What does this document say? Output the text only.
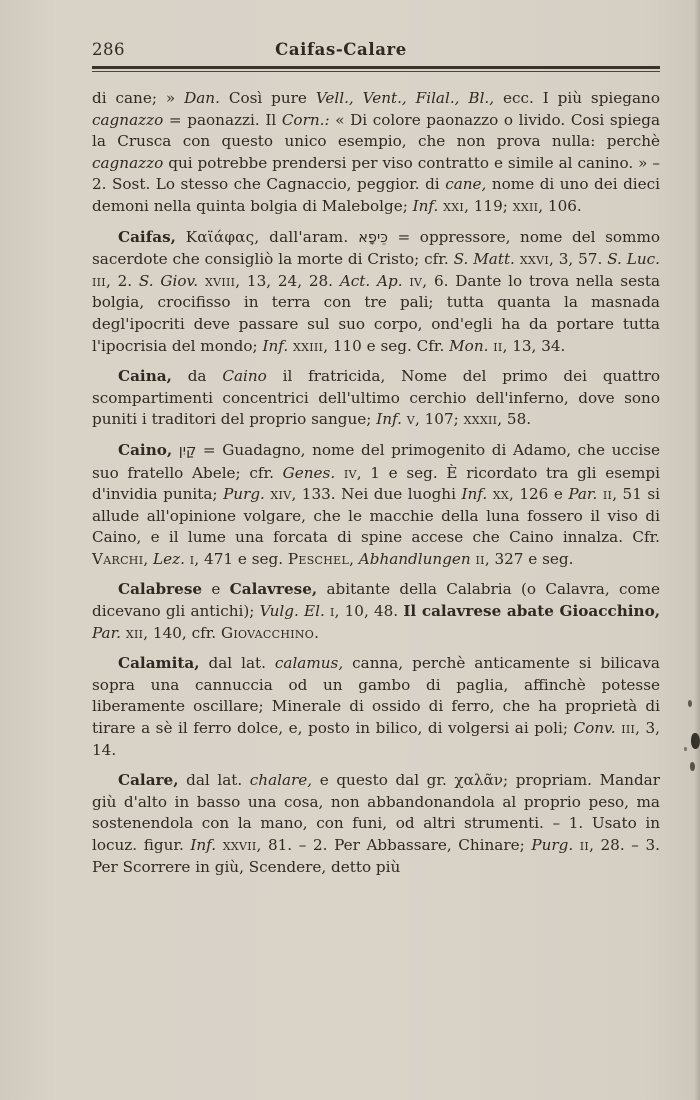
286	Caifas-Calare

di cane; » Dan. Così pure Vell., Vent., Filal., Bl., ecc. I più spiegano cagnazzo = paonazzi. Il Corn.: « Di colore paonazzo o livido. Cosi spiega la Crusca con questo unico esempio, che non prova nulla: perchè cagnazzo qui potrebbe prendersi per viso contratto e simile al canino. » – 2. Sost. Lo stesso che Cagnaccio, peggior. di cane, nome di uno dei dieci demoni nella quinta bolgia di Malebolge; Inf. xxi, 119; xxii, 106.

Caifas, Καϊάφας, dall'aram. כֵּיפָא = oppressore, nome del sommo sacerdote che consigliò la morte di Cristo; cfr. S. Matt. xxvi, 3, 57. S. Luc. iii, 2. S. Giov. xviii, 13, 24, 28. Act. Ap. iv, 6. Dante lo trova nella sesta bolgia, crocifisso in terra con tre pali; tutta quanta la masnada degl'ipocriti deve passare sul suo corpo, ond'egli ha da portare tutta l'ipocrisia del mondo; Inf. xxiii, 110 e seg. Cfr. Mon. ii, 13, 34.

Caina, da Caino il fratricida, Nome del primo dei quattro scompartimenti concentrici dell'ultimo cerchio dell'inferno, dove sono puniti i traditori del proprio sangue; Inf. v, 107; xxxii, 58.

Caino, קַיִן = Guadagno, nome del primogenito di Adamo, che uccise suo fratello Abele; cfr. Genes. iv, 1 e seg. È ricordato tra gli esempi d'invidia punita; Purg. xiv, 133. Nei due luoghi Inf. xx, 126 e Par. ii, 51 si allude all'opinione volgare, che le macchie della luna fossero il viso di Caino, e il lume una forcata di spine accese che Caino innalza. Cfr. Varchi, Lez. i, 471 e seg. Peschel, Abhandlungen ii, 327 e seg.

Calabrese e Calavrese, abitante della Calabria (o Calavra, come dicevano gli antichi); Vulg. El. i, 10, 48. Il calavrese abate Gioacchino, Par. xii, 140, cfr. Giovacchino.

Calamita, dal lat. calamus, canna, perchè anticamente si bilicava sopra una cannuccia od un gambo di paglia, affinchè potesse liberamente oscillare; Minerale di ossido di ferro, che ha proprietà di tirare a sè il ferro dolce, e, posto in bilico, di volgersi ai poli; Conv. iii, 3, 14.

Calare, dal lat. chalare, e questo dal gr. χαλᾶν; propriam. Mandar giù d'alto in basso una cosa, non abbandonandola al proprio peso, ma sostenendola con la mano, con funi, od altri strumenti. – 1. Usato in locuz. figur. Inf. xxvii, 81. – 2. Per Abbassare, Chinare; Purg. ii, 28. – 3. Per Scorrere in giù, Scendere, detto più
